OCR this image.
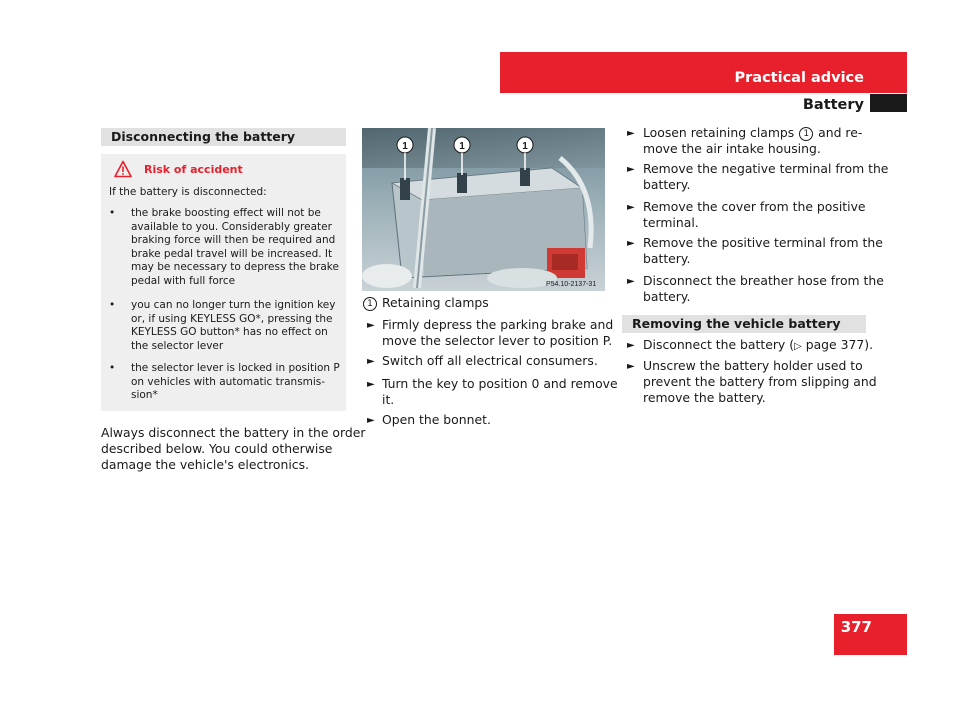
Practical advice
Battery
377
Disconnecting the battery
Risk of accident
If the battery is disconnected:
• the brake boosting effect will not be
available to you. Considerably greater
braking force will then be required and
brake pedal travel will be increased. It
may be necessary to depress the brake
pedal with full force
• you can no longer turn the ignition key
or, if using KEYLESS GO*, pressing the
KEYLESS GO button* has no effect on
the selector lever
• the selector lever is locked in position P
on vehicles with automatic transmis-
sion*
Always disconnect the battery in the order
described below. You could otherwise
damage the vehicle's electronics.
1	1	1
P54.10-2137-31
1 Retaining clamps
► Firmly depress the parking brake and
move the selector lever to position P.
► Switch off all electrical consumers.
► Turn the key to position 0 and remove
it.
► Open the bonnet.
► Loosen retaining clamps 1 and re-
move the air intake housing.
► Remove the negative terminal from the
battery.
► Remove the cover from the positive
terminal.
► Remove the positive terminal from the
battery.
► Disconnect the breather hose from the
battery.
Removing the vehicle battery
► Disconnect the battery (▷ page 377).
► Unscrew the battery holder used to
prevent the battery from slipping and
remove the battery.
